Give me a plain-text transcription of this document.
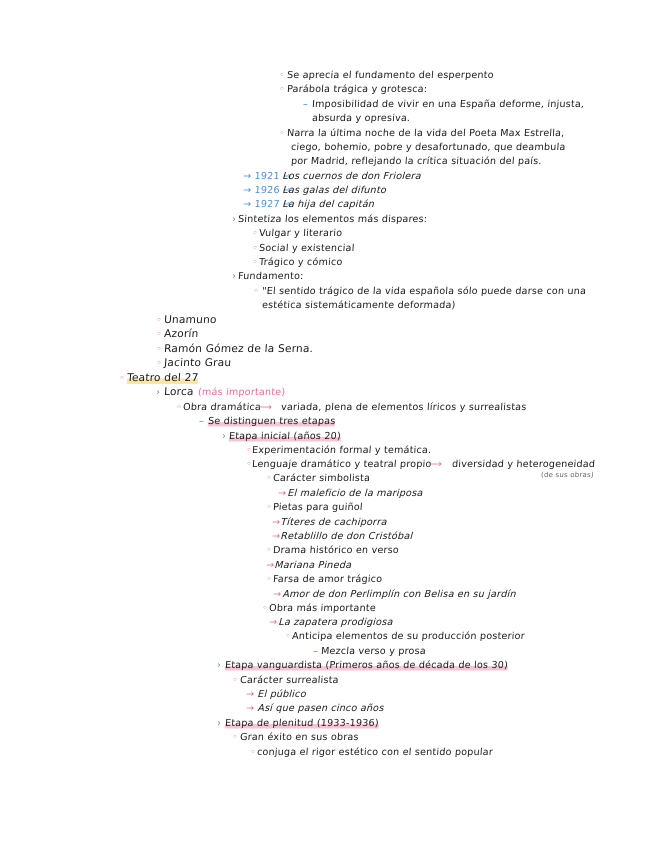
◦ Se aprecia el fundamento del esperpento
◦ Parábola trágica y grotesca:
– Imposibilidad de vivir en una España deforme, injusta,
absurda y opresiva.
◦ Narra la última noche de la vida del Poeta Max Estrella,
ciego, bohemio, pobre y desafortunado, que deambula
por Madrid, reflejando la crítica situación del país.
→ 1921 →
Los cuernos de don Friolera
→ 1926 →
Las galas del difunto
→ 1927 →
La hija del capitán
› Sintetiza los elementos más dispares:
◦ Vulgar y literario
◦ Social y existencial
◦ Trágico y cómico
› Fundamento:
◦ "El sentido trágico de la vida española sólo puede darse con una
estética sistemáticamente deformada)
◦ Unamuno
◦ Azorín
◦ Ramón Gómez de la Serna.
◦ Jacinto Grau
◦ Teatro del 27
› Lorca (más importante)
◦ Obra dramática
⟶ variada, plena de elementos líricos y surrealistas
– Se distinguen tres etapas
› Etapa inicial (años 20)
◦ Experimentación formal y temática.
◦ Lenguaje dramático y teatral propio
⟶ diversidad y heterogeneidad
(de sus obras)
◦ Carácter simbolista
→ El maleficio de la mariposa
◦ Pietas para guiñol
→ Títeres de cachiporra
→ Retablillo de don Cristóbal
◦ Drama histórico en verso
→ Mariana Pineda
◦ Farsa de amor trágico
→ Amor de don Perlimplín con Belisa en su jardín
◦ Obra más importante
→ La zapatera prodigiosa
◦ Anticipa elementos de su producción posterior
– Mezcla verso y prosa
› Etapa vanguardista (Primeros años de década de los 30)
◦ Carácter surrealista
→ El público
→ Así que pasen cinco años
› Etapa de plenitud (1933-1936)
◦ Gran éxito en sus obras
◦ conjuga el rigor estético con el sentido popular
